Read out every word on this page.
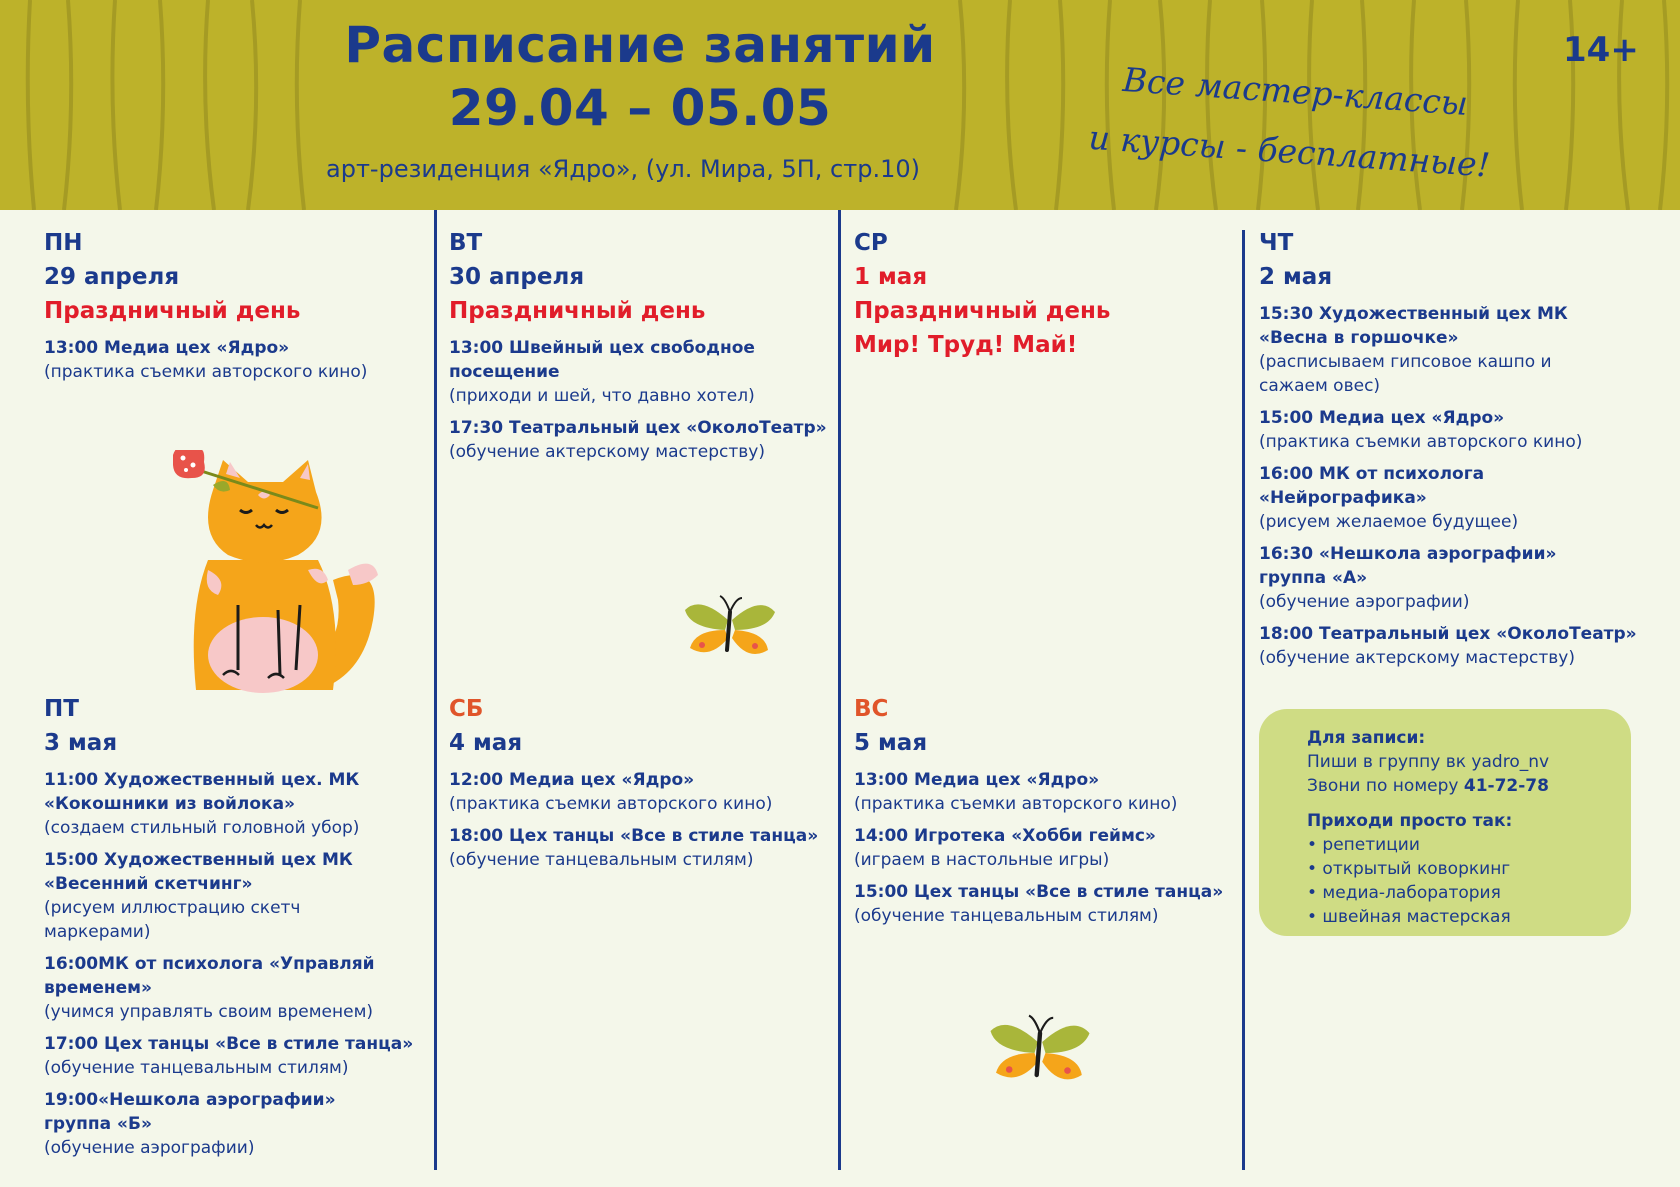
Расписание занятий
29.04 – 05.05
арт-резиденция «Ядро», (ул. Мира, 5П, стр.10)
Все мастер-классы
и курсы - бесплатные!
14+
ПН
29 апреля
Праздничный день
13:00 Медиа цех «Ядро»
(практика съемки авторского кино)
ВТ
30 апреля
Праздничный день
13:00 Швейный цех свободное посещение
(приходи и шей, что давно хотел)
17:30 Театральный цех «ОколоТеатр»
(обучение актерскому мастерству)
СР
1 мая
Праздничный день
Мир! Труд! Май!
ЧТ
2 мая
15:30 Художественный цех МК «Весна в горшочке»
(расписываем гипсовое кашпо и сажаем овес)
15:00 Медиа цех «Ядро»
(практика съемки авторского кино)
16:00 МК от психолога «Нейрографика»
(рисуем желаемое будущее)
16:30 «Нешкола аэрографии» группа «А»
(обучение аэрографии)
18:00 Театральный цех «ОколоТеатр»
(обучение актерскому мастерству)
ПТ
3 мая
11:00 Художественный цех. МК «Кокошники из войлока»
(создаем стильный головной убор)
15:00 Художественный цех МК «Весенний скетчинг»
(рисуем иллюстрацию скетч маркерами)
16:00МК от психолога «Управляй временем»
(учимся управлять своим временем)
17:00 Цех танцы «Все в стиле танца»
(обучение танцевальным стилям)
19:00«Нешкола аэрографии» группа «Б»
(обучение аэрографии)
СБ
4 мая
12:00 Медиа цех «Ядро»
(практика съемки авторского кино)
18:00 Цех танцы «Все в стиле танца»
(обучение танцевальным стилям)
ВС
5 мая
13:00 Медиа цех «Ядро»
(практика съемки авторского кино)
14:00 Игротека «Хобби геймс»
(играем в настольные игры)
15:00 Цех танцы «Все в стиле танца»
(обучение танцевальным стилям)
Для записи:
Пиши в группу вк yadro_nv
Звони по номеру 41-72-78
Приходи просто так:
• репетиции
• открытый коворкинг
• медиа-лаборатория
• швейная мастерская
